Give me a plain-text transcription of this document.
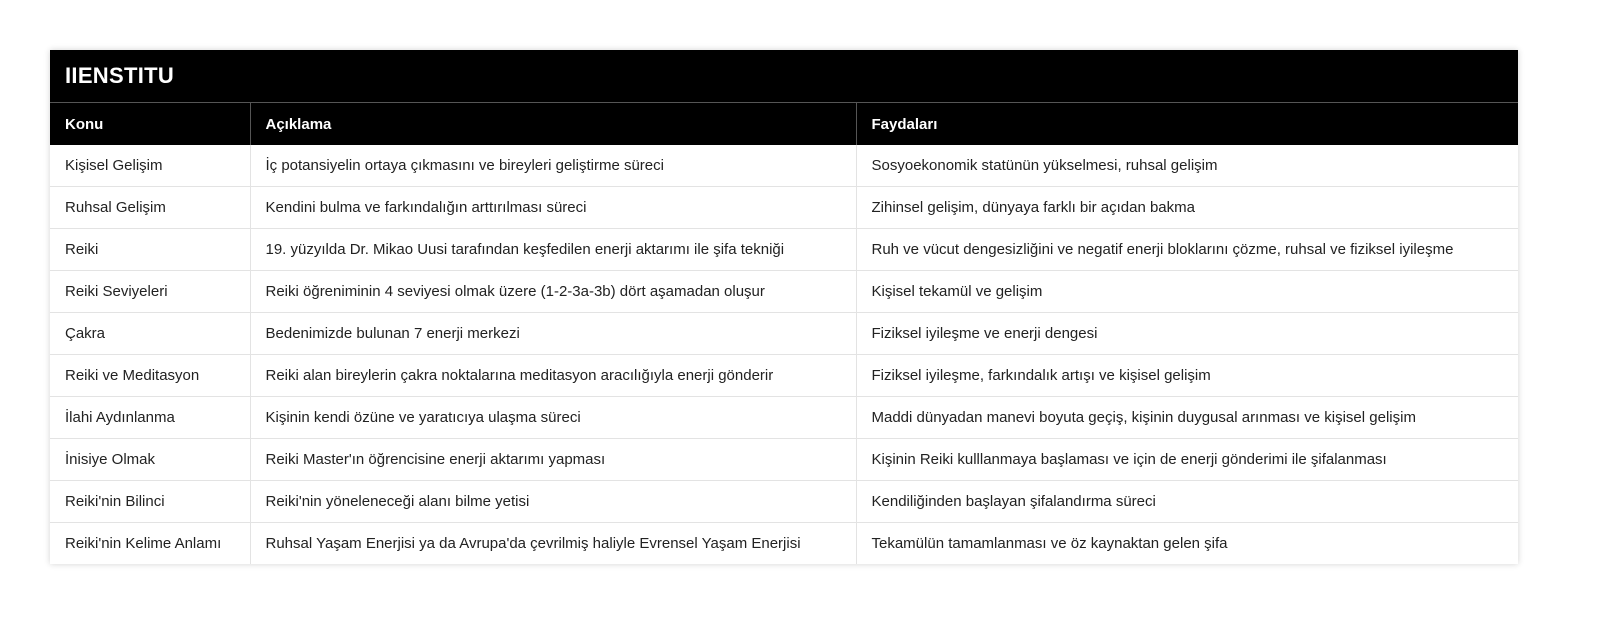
IIENSTITU		
Konu	Açıklama	Faydaları
Kişisel Gelişim	İç potansiyelin ortaya çıkmasını ve bireyleri geliştirme süreci	Sosyoekonomik statünün yükselmesi, ruhsal gelişim
Ruhsal Gelişim	Kendini bulma ve farkındalığın arttırılması süreci	Zihinsel gelişim, dünyaya farklı bir açıdan bakma
Reiki	19. yüzyılda Dr. Mikao Uusi tarafından keşfedilen enerji aktarımı ile şifa tekniği	Ruh ve vücut dengesizliğini ve negatif enerji bloklarını çözme, ruhsal ve fiziksel iyileşme
Reiki Seviyeleri	Reiki öğreniminin 4 seviyesi olmak üzere (1-2-3a-3b) dört aşamadan oluşur	Kişisel tekamül ve gelişim
Çakra	Bedenimizde bulunan 7 enerji merkezi	Fiziksel iyileşme ve enerji dengesi
Reiki ve Meditasyon	Reiki alan bireylerin çakra noktalarına meditasyon aracılığıyla enerji gönderir	Fiziksel iyileşme, farkındalık artışı ve kişisel gelişim
İlahi Aydınlanma	Kişinin kendi özüne ve yaratıcıya ulaşma süreci	Maddi dünyadan manevi boyuta geçiş, kişinin duygusal arınması ve kişisel gelişim
İnisiye Olmak	Reiki Master'ın öğrencisine enerji aktarımı yapması	Kişinin Reiki kulllanmaya başlaması ve için de enerji gönderimi ile şifalanması
Reiki'nin Bilinci	Reiki'nin yöneleneceği alanı bilme yetisi	Kendiliğinden başlayan şifalandırma süreci
Reiki'nin Kelime Anlamı	Ruhsal Yaşam Enerjisi ya da Avrupa'da çevrilmiş haliyle Evrensel Yaşam Enerjisi	Tekamülün tamamlanması ve öz kaynaktan gelen şifa
